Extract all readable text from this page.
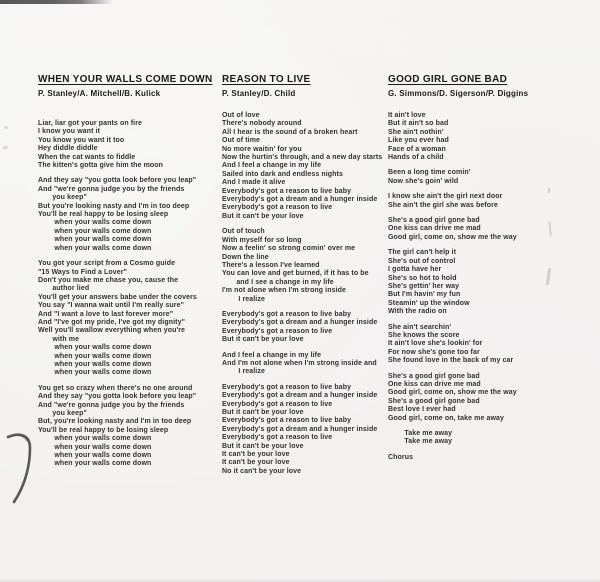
WHEN YOUR WALLS COME DOWN
P. Stanley/A. Mitchell/B. Kulick
Liar, liar got your pants on fire
I know you want it
You know you want it too
Hey diddle diddle
When the cat wants to fiddle
The kitten's gotta give him the moon
And they say "you gotta look before you leap"
And "we're gonna judge you by the friends
you keep"
But you're looking nasty and I'm in too deep
You'll be real happy to be losing sleep
when your walls come down
when your walls come down
when your walls come down
when your walls come down
You got your script from a Cosmo guide
"15 Ways to Find a Lover"
Don't you make me chase you, cause the
author lied
You'll get your answers babe under the covers
You say "I wanna wait until I'm really sure"
And "I want a love to last forever more"
And "I've got my pride, I've got my dignity"
Well you'll swallow everything when you're
with me
when your walls come down
when your walls come down
when your walls come down
when your walls come down
You get so crazy when there's no one around
And they say "you gotta look before you leap"
And "we're gonna judge you by the friends
you keep"
But, you're looking nasty and I'm in too deep
You'll be real happy to be losing sleep
when your walls come down
when your walls come down
when your walls come down
when your walls come down
REASON TO LIVE
P. Stanley/D. Child
Out of love
There's nobody around
All I hear is the sound of a broken heart
Out of time
No more waitin' for you
Now the hurtin's through, and a new day starts
And I feel a change in my life
Sailed into dark and endless nights
And I made it alive
Everybody's got a reason to live baby
Everybody's got a dream and a hunger inside
Everybody's got a reason to live
But it can't be your love
Out of touch
With myself for so long
Now a feelin' so strong comin' over me
Down the line
There's a lesson I've learned
You can love and get burned, if it has to be
and I see a change in my life
I'm not alone when I'm strong inside
I realize
Everybody's got a reason to live baby
Everybody's got a dream and a hunger inside
Everybody's got a reason to live
But it can't be your love
And I feel a change in my life
And I'm not alone when I'm strong inside and
I realize
Everybody's got a reason to live baby
Everybody's got a dream and a hunger inside
Everybody's got a reason to live
But it can't be your love
Everybody's got a reason to live baby
Everybody's got a dream and a hunger inside
Everybody's got a reason to live
But it can't be your love
It can't be your love
It can't be your love
No it can't be your love
GOOD GIRL GONE BAD
G. Simmons/D. Sigerson/P. Diggins
It ain't love
But it ain't so bad
She ain't nothin'
Like you ever had
Face of a woman
Hands of a child
Been a long time comin'
Now she's goin' wild
I know she ain't the girl next door
She ain't the girl she was before
She's a good girl gone bad
One kiss can drive me mad
Good girl, come on, show me the way
The girl can't help it
She's out of control
I gotta have her
She's so hot to hold
She's gettin' her way
But I'm havin' my fun
Steamin' up the window
With the radio on
She ain't searchin'
She knows the score
It ain't love she's lookin' for
For now she's gone too far
She found love in the back of my car
She's a good girl gone bad
One kiss can drive me mad
Good girl, come on, show me the way
She's a good girl gone bad
Best love I ever had
Good girl, come on, take me away
Take me away
Take me away
Chorus
